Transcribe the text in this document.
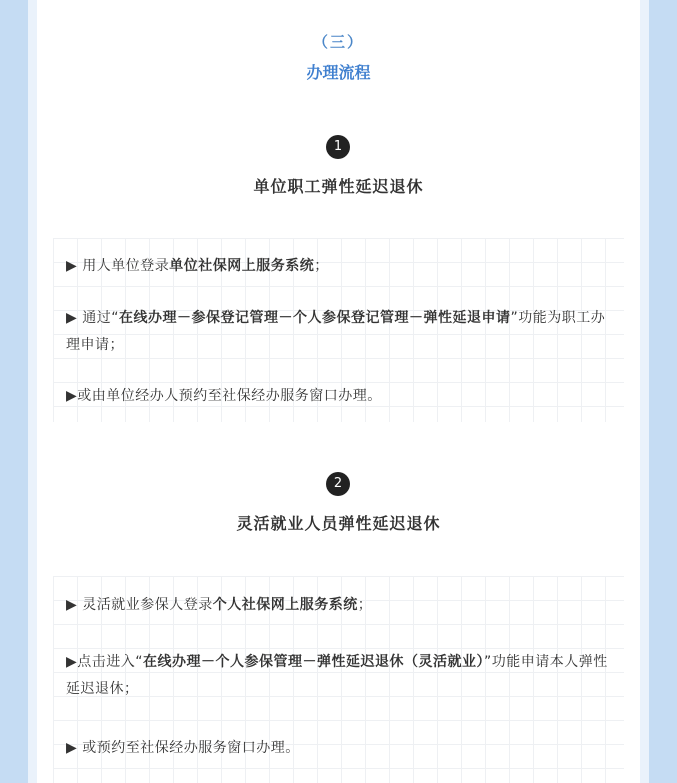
（三）
办理流程
1
单位职工弹性延迟退休
▶ 用人单位登录单位社保网上服务系统；
▶ 通过“在线办理－参保登记管理－个人参保登记管理－弹性延退申请”功能为职工办理申请；
▶或由单位经办人预约至社保经办服务窗口办理。
2
灵活就业人员弹性延迟退休
▶ 灵活就业参保人登录个人社保网上服务系统；
▶点击进入“在线办理－个人参保管理－弹性延迟退休（灵活就业）”功能申请本人弹性延迟退休；
▶ 或预约至社保经办服务窗口办理。
